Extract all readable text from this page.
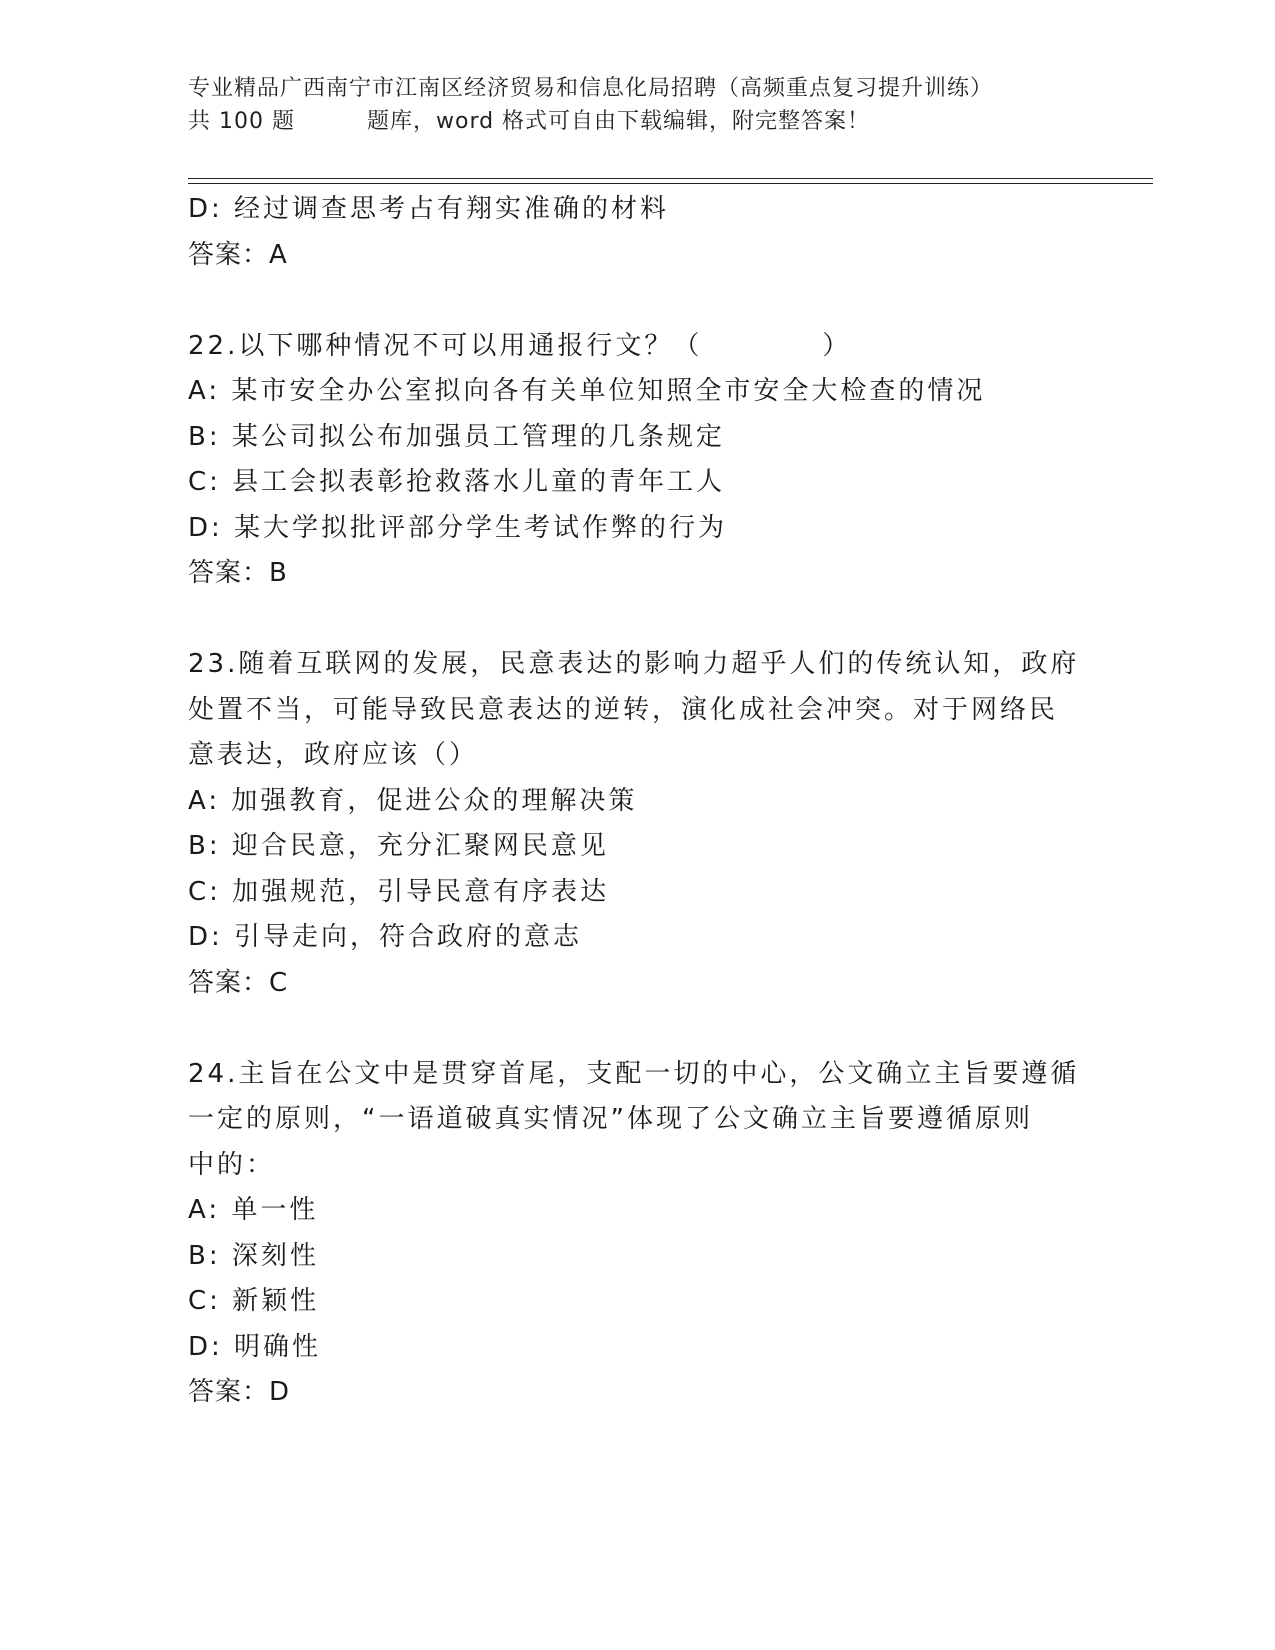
专业精品广西南宁市江南区经济贸易和信息化局招聘（高频重点复习提升训练）
共 100 题	题库，word 格式可自由下载编辑，附完整答案！
D: 经过调查思考占有翔实准确的材料
答案：A
22.以下哪种情况不可以用通报行文？（	）
A: 某市安全办公室拟向各有关单位知照全市安全大检查的情况
B: 某公司拟公布加强员工管理的几条规定
C: 县工会拟表彰抢救落水儿童的青年工人
D: 某大学拟批评部分学生考试作弊的行为
答案：B
23.随着互联网的发展，民意表达的影响力超乎人们的传统认知，政府
处置不当，可能导致民意表达的逆转，演化成社会冲突。对于网络民
意表达，政府应该（）
A: 加强教育，促进公众的理解决策
B: 迎合民意，充分汇聚网民意见
C: 加强规范，引导民意有序表达
D: 引导走向，符合政府的意志
答案：C
24.主旨在公文中是贯穿首尾，支配一切的中心，公文确立主旨要遵循
一定的原则，“一语道破真实情况”体现了公文确立主旨要遵循原则
中的：
A: 单一性
B: 深刻性
C: 新颖性
D: 明确性
答案：D
